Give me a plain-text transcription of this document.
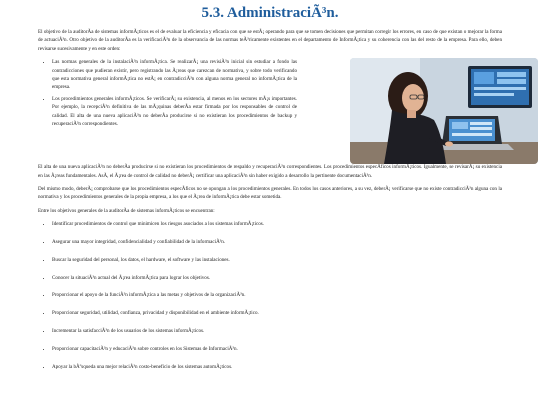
5.3. AdministraciÃ³n.

El objetivo de la auditorÃa de sistemas informÃ¡ticos es el de evaluar la eficiencia y eficacia con que se estÃ¡ operando para que se tomen decisiones que permitan corregir los errores, en caso de que existan o mejorar la forma de actuaciÃ³n. Otro objetivo de la auditorÃa es la verificaciÃ³n de la observancia de las normas teÃ³ricamente existentes en el departamento de InformÃ¡tica y su coherencia con las del resto de la empresa. Para ello, deben revisarse sucesivamente y en este orden:

• Las normas generales de la instalaciÃ³n informÃ¡tica. Se realizarÃ¡ una revisiÃ³n inicial sin estudiar a fondo las contradicciones que pudieran existir, pero registrando las Ã¡reas que carezcan de normativa, y sobre todo verificando que esta normativa general informÃ¡tica no estÃ¡ en contradicciÃ³n con alguna norma general no informÃ¡tica de la empresa.
• Los procedimientos generales informÃ¡ticos. Se verificarÃ¡ su existencia, al menos en los sectores mÃ¡s importantes. Por ejemplo, la recepciÃ³n definitiva de las mÃ¡quinas deberÃa estar firmada por los responsables de control de calidad. El alta de una nueva aplicaciÃ³n no deberÃa producirse si no existieran los procedimientos de backup y recuperaciÃ³n correspondientes.

El alta de una nueva aplicaciÃ³n no deberÃa producirse si no existieran los procedimientos de respaldo y recuperaciÃ³n correspondientes. Los procedimientos especÃficos informÃ¡ticos. Igualmente, se revisarÃ¡ su existencia en las Ã¡reas fundamentales. AsÃ, el Ã¡rea de control de calidad no deberÃ¡ certificar una aplicaciÃ³n sin haber exigido a desarrollo la pertinente documentaciÃ³n.

Del mismo modo, deberÃ¡ comprobarse que los procedimientos especÃficos no se opongan a los procedimientos generales. En todos los casos anteriores, a su vez, deberÃ¡ verificarse que no existe contradicciÃ³n alguna con la normativa y los procedimientos generales de la propia empresa, a los que el Ã¡rea de informÃ¡tica debe estar sometida.

Entre los objetivos generales de la auditorÃa de sistemas informÃ¡ticos se encuentran:

• Identificar procedimientos de control que minimicen los riesgos asociados a los sistemas informÃ¡ticos.
• Asegurar una mayor integridad, confidencialidad y confiabilidad de la informaciÃ³n.
• Buscar la seguridad del personal, los datos, el hardware, el software y las instalaciones.
• Conocer la situaciÃ³n actual del Ã¡rea informÃ¡tica para lograr los objetivos.
• Proporcionar el apoyo de la funciÃ³n informÃ¡tica a las metas y objetivos de la organizaciÃ³n.
• Proporcionar seguridad, utilidad, confianza, privacidad y disponibilidad en el ambiente informÃ¡tico.
• Incrementar la satisfacciÃ³n de los usuarios de los sistemas informÃ¡ticos.
• Proporcionar capacitaciÃ³n y educaciÃ³n sobre controles en los Sistemas de InformaciÃ³n.
• Apoyar la bÃºsqueda una mejor relaciÃ³n costo-beneficio de los sistemas automÃ¡ticos.
